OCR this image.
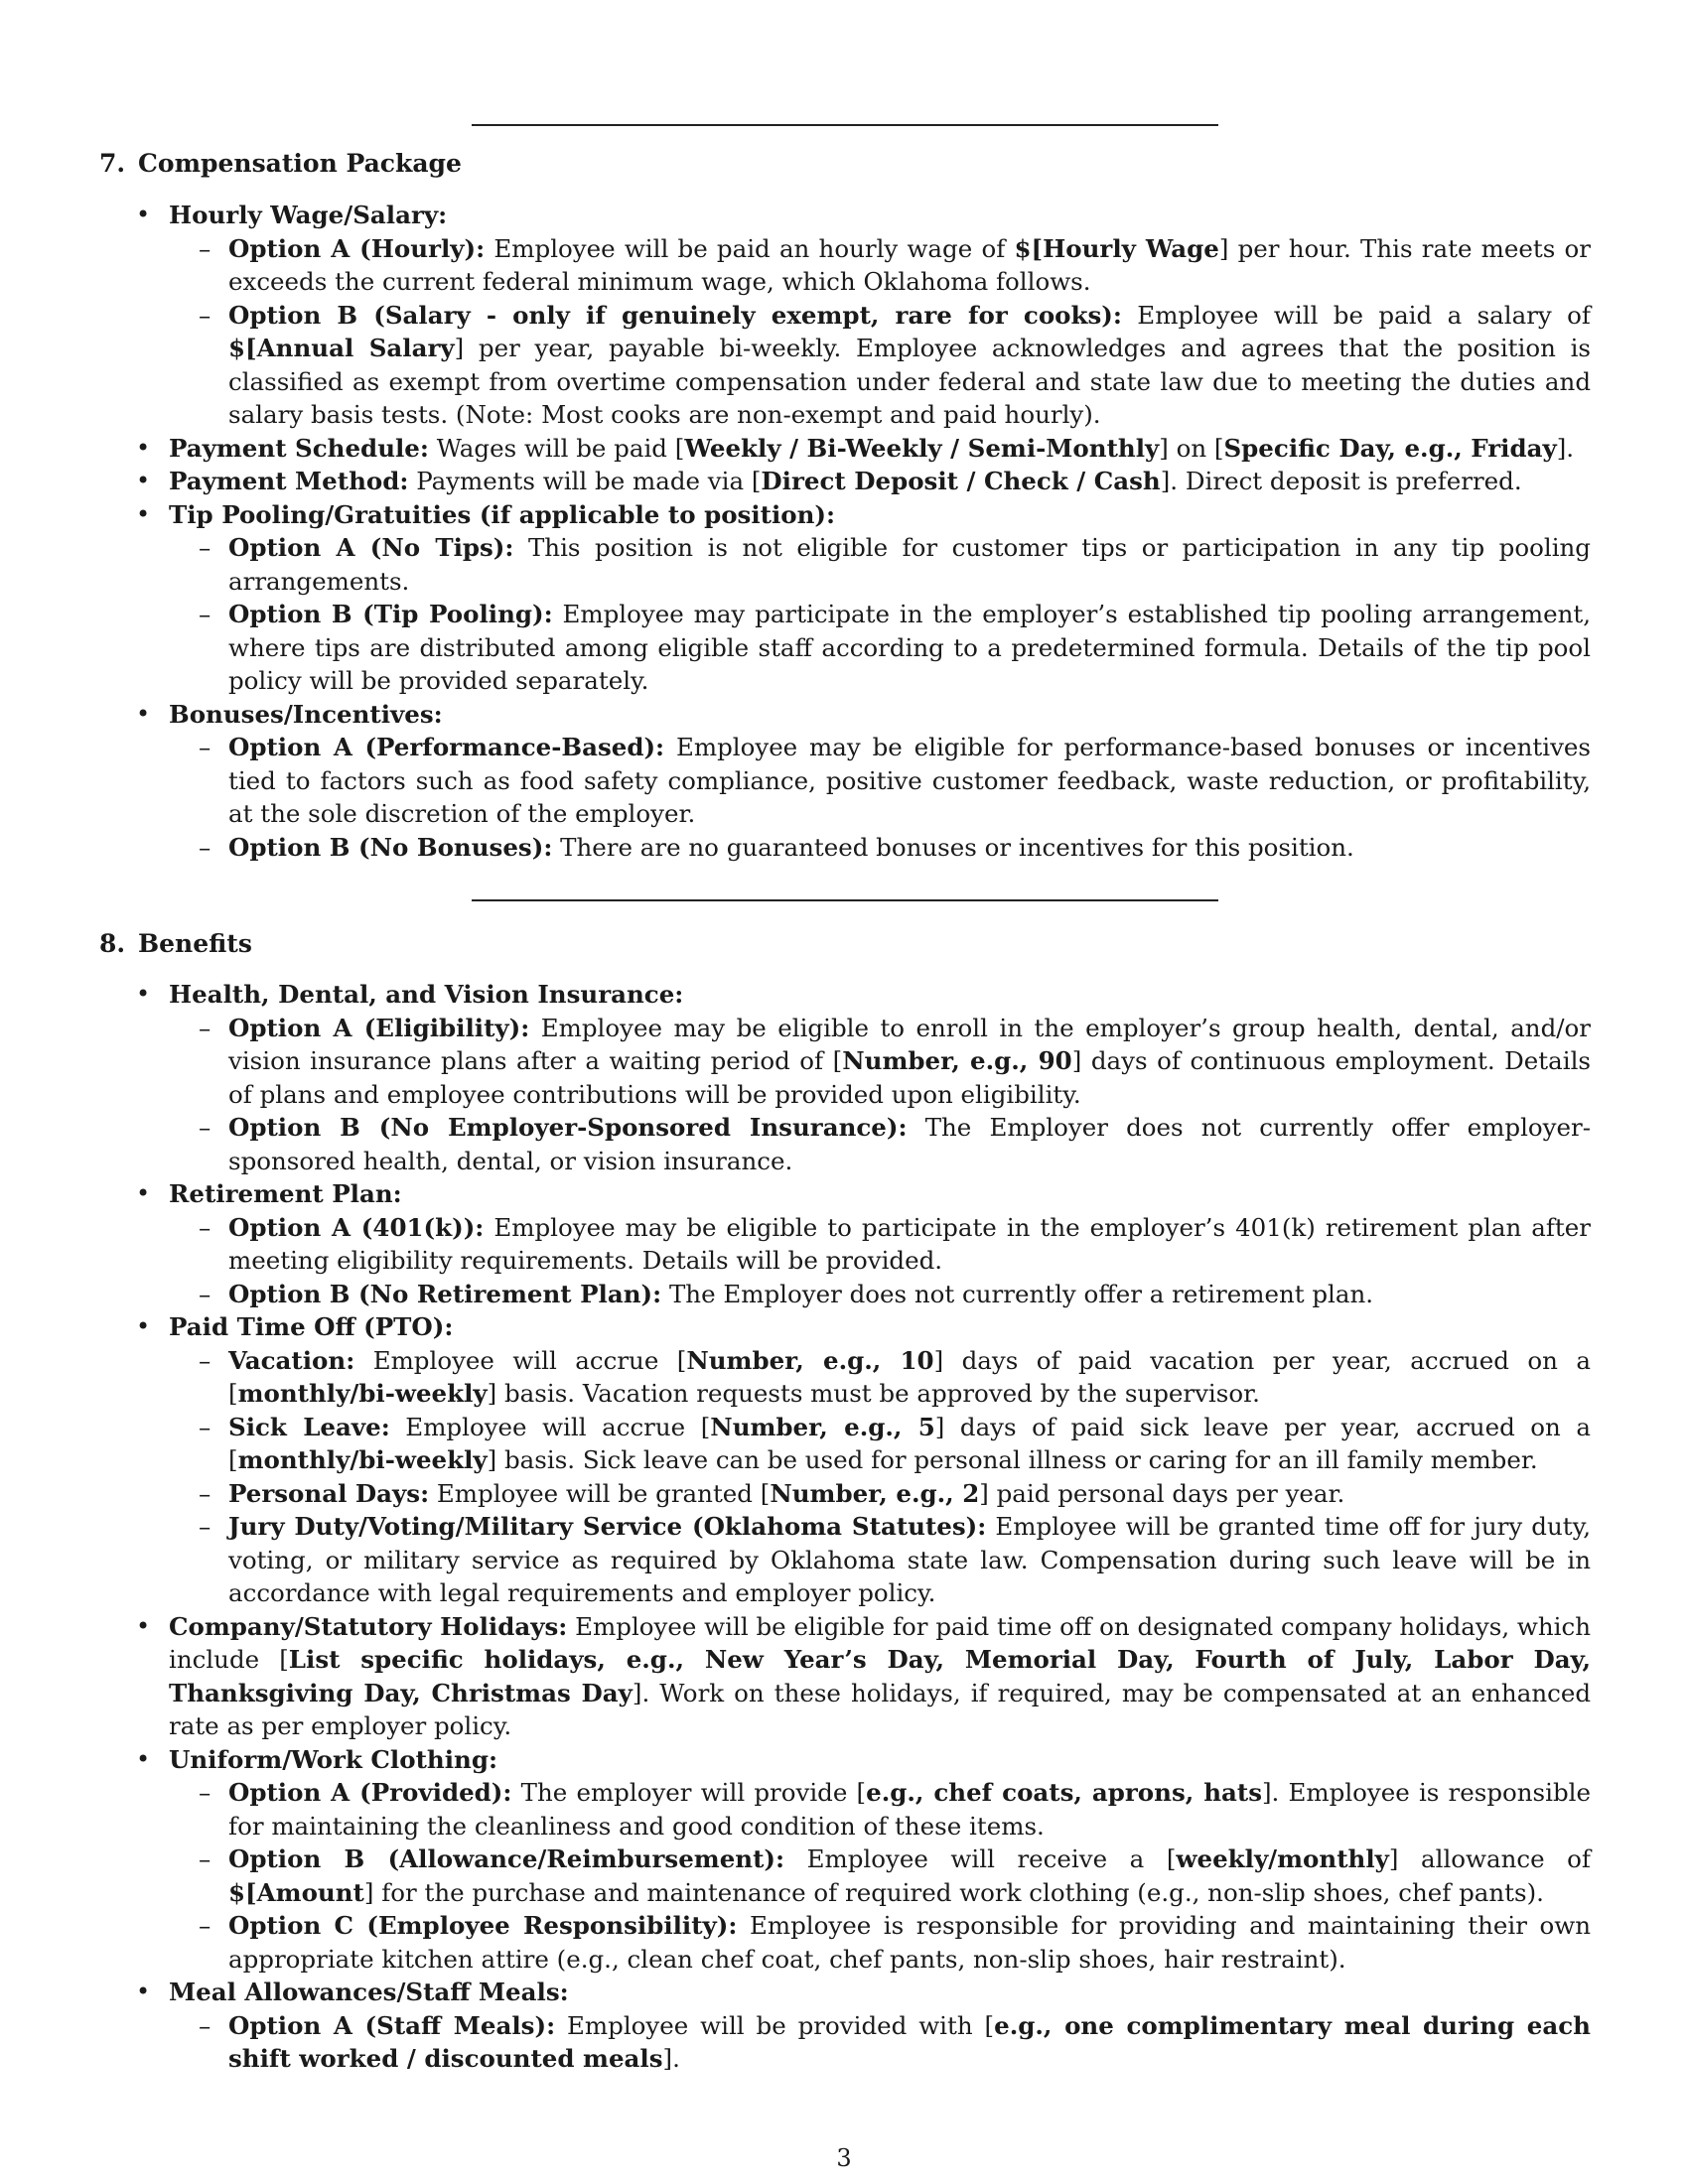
7. Compensation Package
• Hourly Wage/Salary:
– Option A (Hourly): Employee will be paid an hourly wage of $[Hourly Wage] per hour. This rate meets or exceeds the current federal minimum wage, which Oklahoma follows.
– Option B (Salary - only if genuinely exempt, rare for cooks): Employee will be paid a salary of $[Annual Salary] per year, payable bi-weekly. Employee acknowledges and agrees that the position is classified as exempt from overtime compensation under federal and state law due to meeting the duties and salary basis tests. (Note: Most cooks are non-exempt and paid hourly).
• Payment Schedule: Wages will be paid [Weekly / Bi-Weekly / Semi-Monthly] on [Specific Day, e.g., Friday].
• Payment Method: Payments will be made via [Direct Deposit / Check / Cash]. Direct deposit is preferred.
• Tip Pooling/Gratuities (if applicable to position):
– Option A (No Tips): This position is not eligible for customer tips or participation in any tip pooling arrangements.
– Option B (Tip Pooling): Employee may participate in the employer’s established tip pooling arrangement, where tips are distributed among eligible staff according to a predetermined formula. Details of the tip pool policy will be provided separately.
• Bonuses/Incentives:
– Option A (Performance-Based): Employee may be eligible for performance-based bonuses or incentives tied to factors such as food safety compliance, positive customer feedback, waste reduction, or profitability, at the sole discretion of the employer.
– Option B (No Bonuses): There are no guaranteed bonuses or incentives for this position.
8. Benefits
• Health, Dental, and Vision Insurance:
– Option A (Eligibility): Employee may be eligible to enroll in the employer’s group health, dental, and/or vision insurance plans after a waiting period of [Number, e.g., 90] days of continuous employment. Details of plans and employee contributions will be provided upon eligibility.
– Option B (No Employer-Sponsored Insurance): The Employer does not currently offer employer-sponsored health, dental, or vision insurance.
• Retirement Plan:
– Option A (401(k)): Employee may be eligible to participate in the employer’s 401(k) retirement plan after meeting eligibility requirements. Details will be provided.
– Option B (No Retirement Plan): The Employer does not currently offer a retirement plan.
• Paid Time Off (PTO):
– Vacation: Employee will accrue [Number, e.g., 10] days of paid vacation per year, accrued on a [monthly/bi-weekly] basis. Vacation requests must be approved by the supervisor.
– Sick Leave: Employee will accrue [Number, e.g., 5] days of paid sick leave per year, accrued on a [monthly/bi-weekly] basis. Sick leave can be used for personal illness or caring for an ill family member.
– Personal Days: Employee will be granted [Number, e.g., 2] paid personal days per year.
– Jury Duty/Voting/Military Service (Oklahoma Statutes): Employee will be granted time off for jury duty, voting, or military service as required by Oklahoma state law. Compensation during such leave will be in accordance with legal requirements and employer policy.
• Company/Statutory Holidays: Employee will be eligible for paid time off on designated company holidays, which include [List specific holidays, e.g., New Year’s Day, Memorial Day, Fourth of July, Labor Day, Thanksgiving Day, Christmas Day]. Work on these holidays, if required, may be compensated at an enhanced rate as per employer policy.
• Uniform/Work Clothing:
– Option A (Provided): The employer will provide [e.g., chef coats, aprons, hats]. Employee is responsible for maintaining the cleanliness and good condition of these items.
– Option B (Allowance/Reimbursement): Employee will receive a [weekly/monthly] allowance of $[Amount] for the purchase and maintenance of required work clothing (e.g., non-slip shoes, chef pants).
– Option C (Employee Responsibility): Employee is responsible for providing and maintaining their own appropriate kitchen attire (e.g., clean chef coat, chef pants, non-slip shoes, hair restraint).
• Meal Allowances/Staff Meals:
– Option A (Staff Meals): Employee will be provided with [e.g., one complimentary meal during each shift worked / discounted meals].
3
